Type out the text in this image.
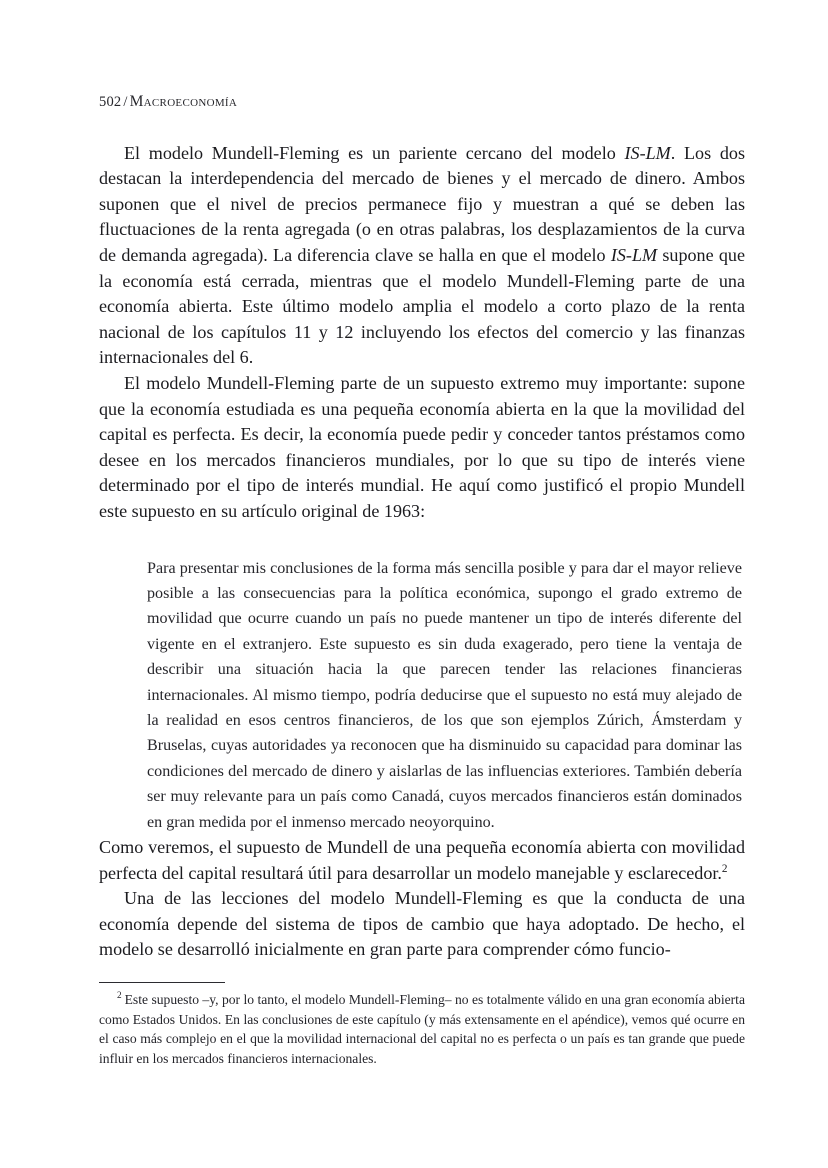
502 / Macroeconomía

El modelo Mundell-Fleming es un pariente cercano del modelo IS-LM. Los dos destacan la interdependencia del mercado de bienes y el mercado de dinero. Ambos suponen que el nivel de precios permanece fijo y muestran a qué se deben las fluctuaciones de la renta agregada (o en otras palabras, los desplazamientos de la curva de demanda agregada). La diferencia clave se halla en que el modelo IS-LM supone que la economía está cerrada, mientras que el modelo Mundell-Fleming parte de una economía abierta. Este último modelo amplia el modelo a corto plazo de la renta nacional de los capítulos 11 y 12 incluyendo los efectos del comercio y las finanzas internacionales del 6.

El modelo Mundell-Fleming parte de un supuesto extremo muy importante: supone que la economía estudiada es una pequeña economía abierta en la que la movilidad del capital es perfecta. Es decir, la economía puede pedir y conceder tantos préstamos como desee en los mercados financieros mundiales, por lo que su tipo de interés viene determinado por el tipo de interés mundial. He aquí como justificó el propio Mundell este supuesto en su artículo original de 1963:

Para presentar mis conclusiones de la forma más sencilla posible y para dar el mayor relieve posible a las consecuencias para la política económica, supongo el grado extremo de movilidad que ocurre cuando un país no puede mantener un tipo de interés diferente del vigente en el extranjero. Este supuesto es sin duda exagerado, pero tiene la ventaja de describir una situación hacia la que parecen tender las relaciones financieras internacionales. Al mismo tiempo, podría deducirse que el supuesto no está muy alejado de la realidad en esos centros financieros, de los que son ejemplos Zúrich, Ámsterdam y Bruselas, cuyas autoridades ya reconocen que ha disminuido su capacidad para dominar las condiciones del mercado de dinero y aislarlas de las influencias exteriores. También debería ser muy relevante para un país como Canadá, cuyos mercados financieros están dominados en gran medida por el inmenso mercado neoyorquino.

Como veremos, el supuesto de Mundell de una pequeña economía abierta con movilidad perfecta del capital resultará útil para desarrollar un modelo manejable y esclarecedor.$^2$

Una de las lecciones del modelo Mundell-Fleming es que la conducta de una economía depende del sistema de tipos de cambio que haya adoptado. De hecho, el modelo se desarrolló inicialmente en gran parte para comprender cómo funcio-

$^2$ Este supuesto –y, por lo tanto, el modelo Mundell-Fleming– no es totalmente válido en una gran economía abierta como Estados Unidos. En las conclusiones de este capítulo (y más extensamente en el apéndice), vemos qué ocurre en el caso más complejo en el que la movilidad internacional del capital no es perfecta o un país es tan grande que puede influir en los mercados financieros internacionales.
